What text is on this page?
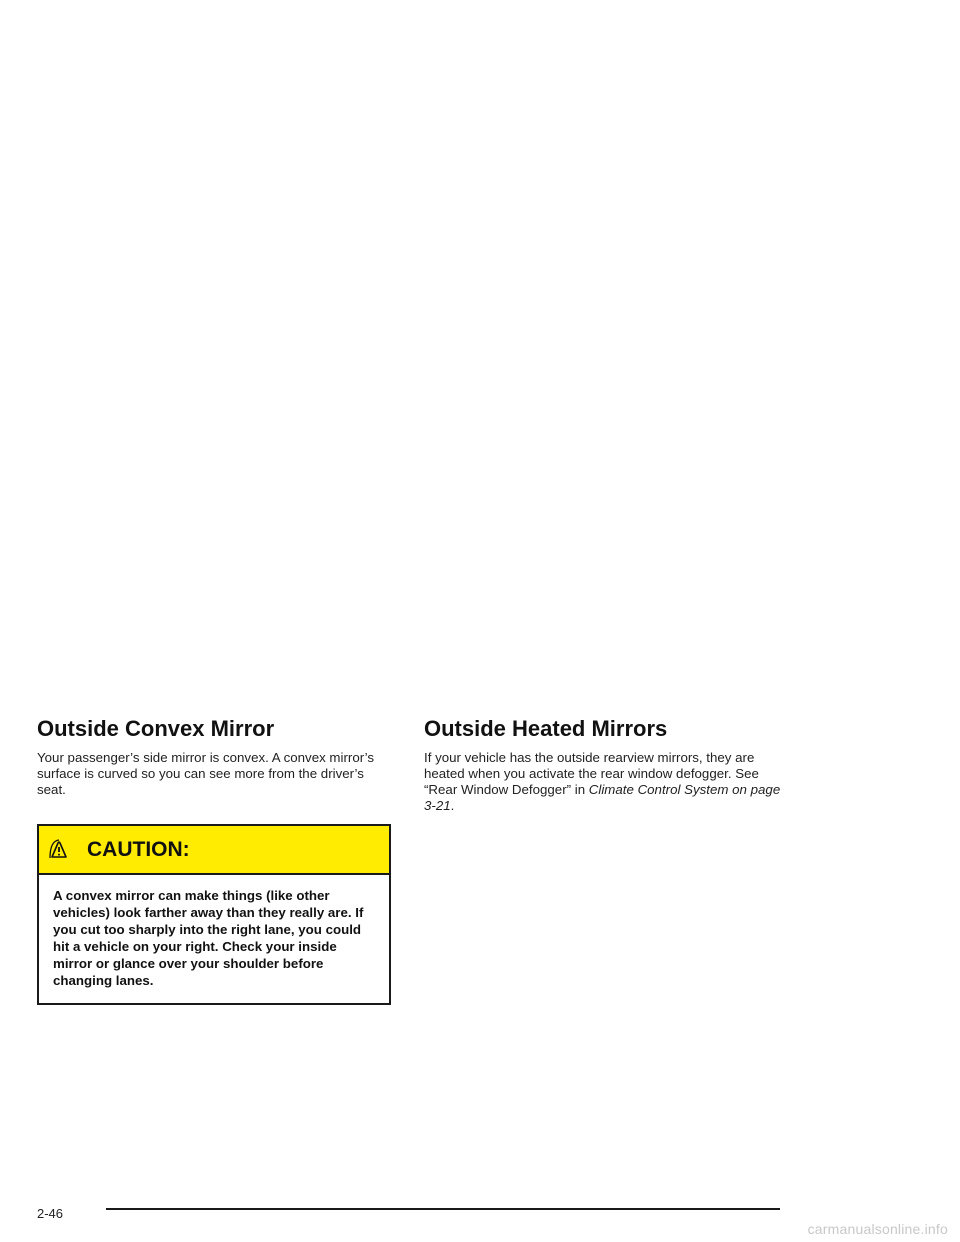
Outside Convex Mirror

Your passenger’s side mirror is convex. A convex mirror’s surface is curved so you can see more from the driver’s seat.

CAUTION:
A convex mirror can make things (like other vehicles) look farther away than they really are. If you cut too sharply into the right lane, you could hit a vehicle on your right. Check your inside mirror or glance over your shoulder before changing lanes.
Outside Heated Mirrors

If your vehicle has the outside rearview mirrors, they are heated when you activate the rear window defogger. See “Rear Window Defogger” in Climate Control System on page 3-21.

2-46
carmanualsonline.info
